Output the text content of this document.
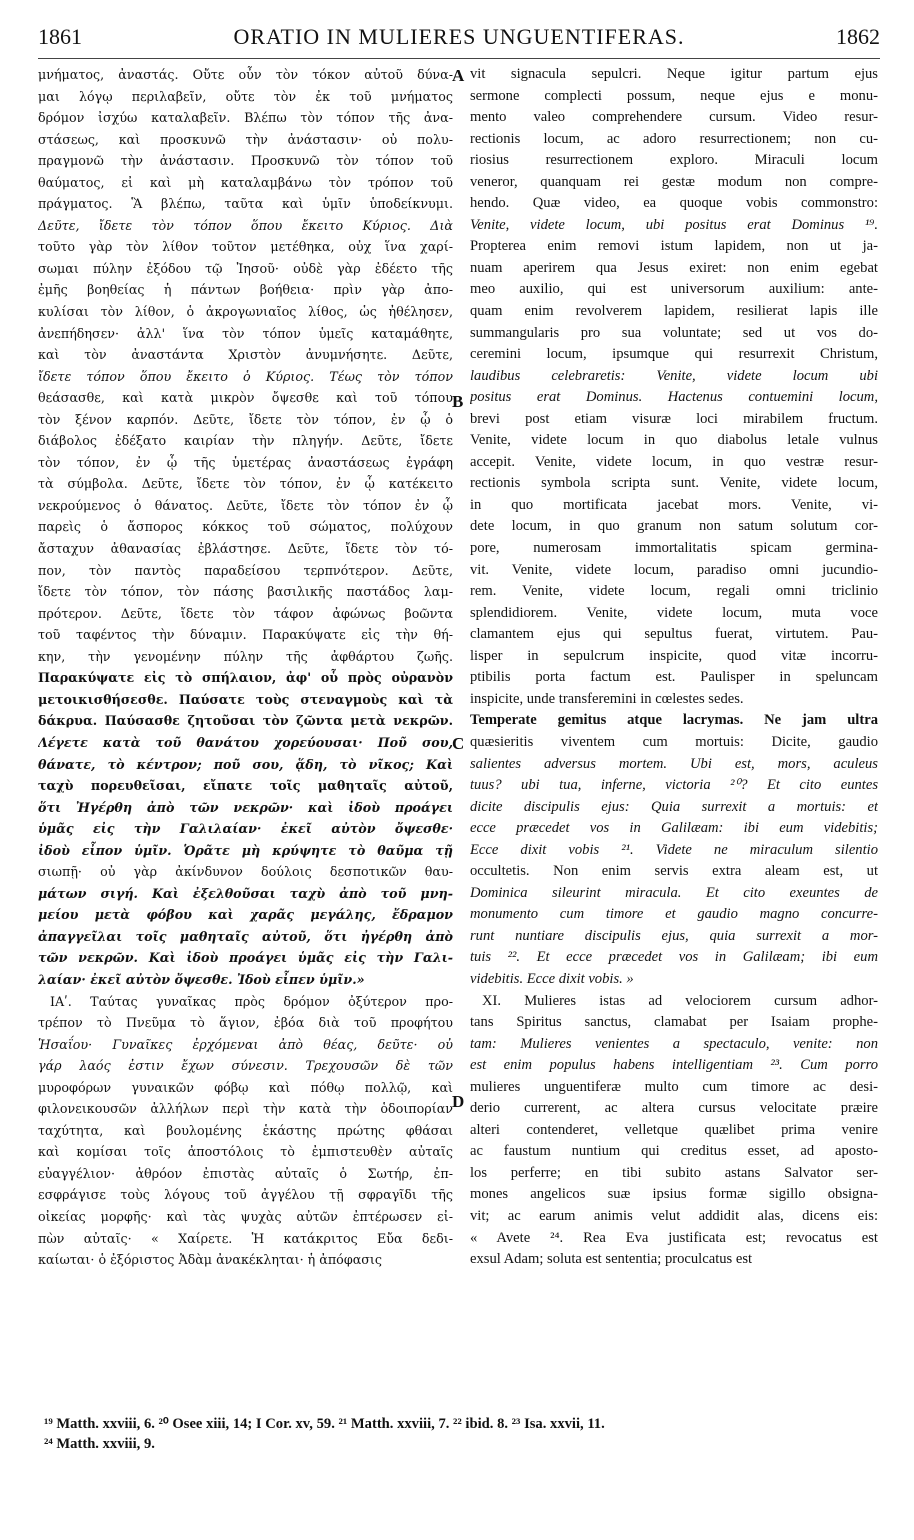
1861	ORATIO IN MULIERES UNGUENTIFERAS.	1862
μνήματος, ἀναστάς. Οὔτε οὖν τὸν τόκον αὐτοῦ δύνα-
μαι λόγῳ περιλαβεῖν, οὔτε τὸν ἐκ τοῦ μνήματος
δρόμον ἰσχύω καταλαβεῖν. Βλέπω τὸν τόπον τῆς ἀνα-
στάσεως, καὶ προσκυνῶ τὴν ἀνάστασιν· οὐ πολυ-
πραγμονῶ τὴν ἀνάστασιν. Προσκυνῶ τὸν τόπον τοῦ
θαύματος, εἰ καὶ μὴ καταλαμβάνω τὸν τρόπον τοῦ
πράγματος. Ἃ βλέπω, ταῦτα καὶ ὑμῖν ὑποδείκνυμι.
Δεῦτε, ἴδετε τὸν τόπον ὅπου ἔκειτο Κύριος. Διὰ
τοῦτο γὰρ τὸν λίθον τοῦτον μετέθηκα, οὐχ ἵνα χαρί-
σωμαι πύλην ἐξόδου τῷ Ἰησοῦ· οὐδὲ γὰρ ἐδέετο τῆς
ἐμῆς βοηθείας ἡ πάντων βοήθεια· πρὶν γὰρ ἀπο-
κυλίσαι τὸν λίθον, ὁ ἀκρογωνιαῖος λίθος, ὡς ἠθέλησεν,
ἀνεπήδησεν· ἀλλ' ἵνα τὸν τόπον ὑμεῖς καταμάθητε,
καὶ τὸν ἀναστάντα Χριστὸν ἀνυμνήσητε. Δεῦτε,
ἴδετε τόπον ὅπου ἔκειτο ὁ Κύριος. Τέως τὸν τόπον
θεάσασθε, καὶ κατὰ μικρὸν ὄψεσθε καὶ τοῦ τόπου
τὸν ξένον καρπόν. Δεῦτε, ἴδετε τὸν τόπον, ἐν ᾧ ὁ
διάβολος ἐδέξατο καιρίαν τὴν πληγήν. Δεῦτε, ἴδετε
τὸν τόπον, ἐν ᾧ τῆς ὑμετέρας ἀναστάσεως ἐγράφη
τὰ σύμβολα. Δεῦτε, ἴδετε τὸν τόπον, ἐν ᾧ κατέκειτο
νεκρούμενος ὁ θάνατος. Δεῦτε, ἴδετε τὸν τόπον ἐν ᾧ
παρεὶς ὁ ἄσπορος κόκκος τοῦ σώματος, πολύχουν
ἄσταχυν ἀθανασίας ἐβλάστησε. Δεῦτε, ἴδετε τὸν τό-
πον, τὸν παντὸς παραδείσου τερπνότερον. Δεῦτε,
ἴδετε τὸν τόπον, τὸν πάσης βασιλικῆς παστάδος λαμ-
πρότερον. Δεῦτε, ἴδετε τὸν τάφον ἀφώνως βοῶντα
τοῦ ταφέντος τὴν δύναμιν. Παρακύψατε εἰς τὴν θή-
κην, τὴν γενομένην πύλην τῆς ἀφθάρτου ζωῆς.
Παρακύψατε εἰς τὸ σπήλαιον, ἀφ' οὗ πρὸς οὐρανὸν
μετοικισθήσεσθε. Παύσατε τοὺς στεναγμοὺς καὶ τὰ
δάκρυα. Παύσασθε ζητοῦσαι τὸν ζῶντα μετὰ νεκρῶν.
Λέγετε κατὰ τοῦ θανάτου χορεύουσαι· Ποῦ σου,
θάνατε, τὸ κέντρον; ποῦ σου, ᾅδη, τὸ νῖκος; Καὶ
ταχὺ πορευθεῖσαι, εἴπατε τοῖς μαθηταῖς αὐτοῦ,
ὅτι Ἠγέρθη ἀπὸ τῶν νεκρῶν· καὶ ἰδοὺ προάγει
ὑμᾶς εἰς τὴν Γαλιλαίαν· ἐκεῖ αὐτὸν ὄψεσθε·
ἰδοὺ εἶπον ὑμῖν. Ὁρᾶτε μὴ κρύψητε τὸ θαῦμα τῇ
σιωπῇ· οὐ γὰρ ἀκίνδυνον δούλοις δεσποτικῶν θαυ-
μάτων σιγή. Καὶ ἐξελθοῦσαι ταχὺ ἀπὸ τοῦ μνη-
μείου μετὰ φόβου καὶ χαρᾶς μεγάλης, ἔδραμον
ἀπαγγεῖλαι τοῖς μαθηταῖς αὐτοῦ, ὅτι ἠγέρθη ἀπὸ
τῶν νεκρῶν. Καὶ ἰδοὺ προάγει ὑμᾶς εἰς τὴν Γαλι-
λαίαν· ἐκεῖ αὐτὸν ὄψεσθε. Ἰδοὺ εἶπεν ὑμῖν.»
ΙΑʹ. Ταύτας γυναῖκας πρὸς δρόμον ὀξύτερον προ-
τρέπον τὸ Πνεῦμα τὸ ἅγιον, ἐβόα διὰ τοῦ προφήτου
Ἡσαΐου· Γυναῖκες ἐρχόμεναι ἀπὸ θέας, δεῦτε· οὐ
γάρ λαός ἐστιν ἔχων σύνεσιν. Τρεχουσῶν δὲ τῶν
μυροφόρων γυναικῶν φόβῳ καὶ πόθῳ πολλῷ, καὶ
φιλονεικουσῶν ἀλλήλων περὶ τὴν κατὰ τὴν ὁδοιπορίαν
ταχύτητα, καὶ βουλομένης ἑκάστης πρώτης φθάσαι
καὶ κομίσαι τοῖς ἀποστόλοις τὸ ἐμπιστευθὲν αὐταῖς
εὐαγγέλιον· ἀθρόον ἐπιστὰς αὐταῖς ὁ Σωτήρ, ἐπ-
εσφράγισε τοὺς λόγους τοῦ ἀγγέλου τῇ σφραγῖδι τῆς
οἰκείας μορφῆς· καὶ τὰς ψυχὰς αὐτῶν ἐπτέρωσεν εἰ-
πὼν αὐταῖς· « Χαίρετε. Ἡ κατάκριτος Εὔα δεδι-
καίωται· ὁ ἐξόριστος Ἀδὰμ ἀνακέκληται· ἡ ἀπόφασις
vit signacula sepulcri. Neque igitur partum ejus
sermone complecti possum, neque ejus e monu-
mento valeo comprehendere cursum. Video resur-
rectionis locum, ac adoro resurrectionem; non cu-
riosius resurrectionem exploro. Miraculi locum
veneror, quanquam rei gestæ modum non compre-
hendo. Quæ video, ea quoque vobis commonstro:
Venite, videte locum, ubi positus erat Dominus ¹⁹.
Propterea enim removi istum lapidem, non ut ja-
nuam aperirem qua Jesus exiret: non enim egebat
meo auxilio, qui est universorum auxilium: ante-
quam enim revolverem lapidem, resilierat lapis ille
summangularis pro sua voluntate; sed ut vos do-
ceremini locum, ipsumque qui resurrexit Christum,
laudibus celebraretis: Venite, videte locum ubi
positus erat Dominus. Hactenus contuemini locum,
brevi post etiam visuræ loci mirabilem fructum.
Venite, videte locum in quo diabolus letale vulnus
accepit. Venite, videte locum, in quo vestræ resur-
rectionis symbola scripta sunt. Venite, videte locum,
in quo mortificata jacebat mors. Venite, vi-
dete locum, in quo granum non satum solutum cor-
pore, numerosam immortalitatis spicam germina-
vit. Venite, videte locum, paradiso omni jucundio-
rem. Venite, videte locum, regali omni triclinio
splendidiorem. Venite, videte locum, muta voce
clamantem ejus qui sepultus fuerat, virtutem. Pau-
lisper in sepulcrum inspicite, quod vitæ incorru-
ptibilis porta factum est. Paulisper in speluncam
inspicite, unde transferemini in cœlestes sedes.
Temperate gemitus atque lacrymas. Ne jam ultra
quæsieritis viventem cum mortuis: Dicite, gaudio
salientes adversus mortem. Ubi est, mors, aculeus
tuus? ubi tua, inferne, victoria ²⁰? Et cito euntes
dicite discipulis ejus: Quia surrexit a mortuis: et
ecce præcedet vos in Galilæam: ibi eum videbitis;
Ecce dixit vobis ²¹. Videte ne miraculum silentio
occultetis. Non enim servis extra aleam est, ut
Dominica sileurint miracula. Et cito exeuntes de
monumento cum timore et gaudio magno concurre-
runt nuntiare discipulis ejus, quia surrexit a mor-
tuis ²². Et ecce præcedet vos in Galilæam; ibi eum
videbitis. Ecce dixit vobis. »
XI. Mulieres istas ad velociorem cursum adhor-
tans Spiritus sanctus, clamabat per Isaiam prophe-
tam: Mulieres venientes a spectaculo, venite: non
est enim populus habens intelligentiam ²³. Cum porro
mulieres unguentiferæ multo cum timore ac desi-
derio currerent, ac altera cursus velocitate præire
alteri contenderet, velletque quælibet prima venire
ac faustum nuntium qui creditus esset, ad aposto-
los perferre; en tibi subito astans Salvator ser-
mones angelicos suæ ipsius formæ sigillo obsigna-
vit; ac earum animis velut addidit alas, dicens eis:
« Avete ²⁴. Rea Eva justificata est; revocatus est
exsul Adam; soluta est sententia; proculcatus est
A
B
C
D
¹⁹ Matth. xxviii, 6. ²⁰ Osee xiii, 14; I Cor. xv, 59. ²¹ Matth. xxviii, 7. ²² ibid. 8. ²³ Isa. xxvii, 11.
²⁴ Matth. xxviii, 9.
